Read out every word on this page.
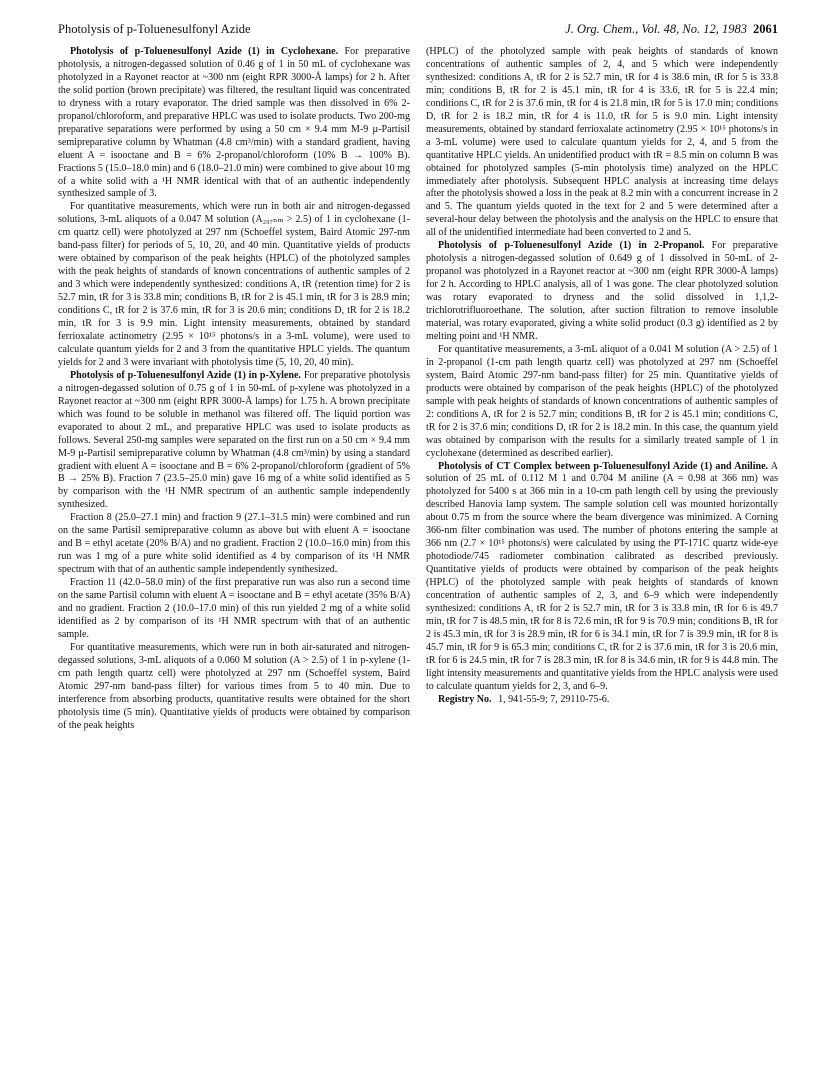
Photolysis of p-Toluenesulfonyl Azide	J. Org. Chem., Vol. 48, No. 12, 1983 2061

Photolysis of p-Toluenesulfonyl Azide (1) in Cyclohexane. For preparative photolysis, a nitrogen-degassed solution of 0.46 g of 1 in 50 mL of cyclohexane was photolyzed in a Rayonet reactor at ~300 nm (eight RPR 3000-Å lamps) for 2 h. After the solid portion (brown precipitate) was filtered, the resultant liquid was concentrated to dryness with a rotary evaporator. The dried sample was then dissolved in 6% 2-propanol/chloroform, and preparative HPLC was used to isolate products. Two 200-mg preparative separations were performed by using a 50 cm × 9.4 mm M-9 µ-Partisil semipreparative column by Whatman (4.8 cm³/min) with a standard gradient, having eluent A = isooctane and B = 6% 2-propanol/chloroform (10% B → 100% B). Fractions 5 (15.0–18.0 min) and 6 (18.0–21.0 min) were combined to give about 10 mg of a white solid with a ¹H NMR identical with that of an authentic independently synthesized sample of 3.

For quantitative measurements, which were run in both air and nitrogen-degassed solutions, 3-mL aliquots of a 0.047 M solution (A₂₉₇ₙₘ > 2.5) of 1 in cyclohexane (1-cm quartz cell) were photolyzed at 297 nm (Schoeffel system, Baird Atomic 297-nm band-pass filter) for periods of 5, 10, 20, and 40 min. Quantitative yields of products were obtained by comparison of the peak heights (HPLC) of the photolyzed samples with the peak heights of standards of known concentrations of authentic samples of 2 and 3 which were independently synthesized: conditions A, tR (retention time) for 2 is 52.7 min, tR for 3 is 33.8 min; conditions B, tR for 2 is 45.1 min, tR for 3 is 28.9 min; conditions C, tR for 2 is 37.6 min, tR for 3 is 20.6 min; conditions D, tR for 2 is 18.2 min, tR for 3 is 9.9 min. Light intensity measurements, obtained by standard ferrioxalate actinometry (2.95 × 10¹⁵ photons/s in a 3-mL volume), were used to calculate quantum yields for 2 and 3 from the quantitative HPLC yields. The quantum yields for 2 and 3 were invariant with photolysis time (5, 10, 20, 40 min).

Photolysis of p-Toluenesulfonyl Azide (1) in p-Xylene. For preparative photolysis a nitrogen-degassed solution of 0.75 g of 1 in 50-mL of p-xylene was photolyzed in a Rayonet reactor at ~300 nm (eight RPR 3000-Å lamps) for 1.75 h. A brown precipitate which was found to be soluble in methanol was filtered off. The liquid portion was evaporated to about 2 mL, and preparative HPLC was used to isolate products as follows. Several 250-mg samples were separated on the first run on a 50 cm × 9.4 mm M-9 µ-Partisil semipreparative column by Whatman (4.8 cm³/min) by using a standard gradient with eluent A = isooctane and B = 6% 2-propanol/chloroform (gradient of 5% B → 25% B). Fraction 7 (23.5–25.0 min) gave 16 mg of a white solid identified as 5 by comparison with the ¹H NMR spectrum of an authentic sample independently synthesized.

Fraction 8 (25.0–27.1 min) and fraction 9 (27.1–31.5 min) were combined and run on the same Partisil semipreparative column as above but with eluent A = isooctane and B = ethyl acetate (20% B/A) and no gradient. Fraction 2 (10.0–16.0 min) from this run was 1 mg of a pure white solid identified as 4 by comparison of its ¹H NMR spectrum with that of an authentic sample independently synthesized.

Fraction 11 (42.0–58.0 min) of the first preparative run was also run a second time on the same Partisil column with eluent A = isooctane and B = ethyl acetate (35% B/A) and no gradient. Fraction 2 (10.0–17.0 min) of this run yielded 2 mg of a white solid identified as 2 by comparison of its ¹H NMR spectrum with that of an authentic sample.

For quantitative measurements, which were run in both air-saturated and nitrogen-degassed solutions, 3-mL aliquots of a 0.060 M solution (A > 2.5) of 1 in p-xylene (1-cm path length quartz cell) were photolyzed at 297 nm (Schoeffel system, Baird Atomic 297-nm band-pass filter) for various times from 5 to 40 min. Due to interference from absorbing products, quantitative results were obtained for the short photolysis time (5 min). Quantitative yields of products were obtained by comparison of the peak heights

(HPLC) of the photolyzed sample with peak heights of standards of known concentrations of authentic samples of 2, 4, and 5 which were independently synthesized: conditions A, tR for 2 is 52.7 min, tR for 4 is 38.6 min, tR for 5 is 33.8 min; conditions B, tR for 2 is 45.1 min, tR for 4 is 33.6, tR for 5 is 22.4 min; conditions C, tR for 2 is 37.6 min, tR for 4 is 21.8 min, tR for 5 is 17.0 min; conditions D, tR for 2 is 18.2 min, tR for 4 is 11.0, tR for 5 is 9.0 min. Light intensity measurements, obtained by standard ferrioxalate actinometry (2.95 × 10¹⁵ photons/s in a 3-mL volume) were used to calculate quantum yields for 2, 4, and 5 from the quantitative HPLC yields. An unidentified product with tR = 8.5 min on column B was obtained for photolyzed samples (5-min photolysis time) analyzed on the HPLC immediately after photolysis. Subsequent HPLC analysis at increasing time delays after the photolysis showed a loss in the peak at 8.2 min with a concurrent increase in 2 and 5. The quantum yields quoted in the text for 2 and 5 were determined after a several-hour delay between the photolysis and the analysis on the HPLC to ensure that all of the unidentified intermediate had been converted to 2 and 5.

Photolysis of p-Toluenesulfonyl Azide (1) in 2-Propanol. For preparative photolysis a nitrogen-degassed solution of 0.649 g of 1 dissolved in 50-mL of 2-propanol was photolyzed in a Rayonet reactor at ~300 nm (eight RPR 3000-Å lamps) for 2 h. According to HPLC analysis, all of 1 was gone. The clear photolyzed solution was rotary evaporated to dryness and the solid dissolved in 1,1,2-trichlorotrifluoroethane. The solution, after suction filtration to remove insoluble material, was rotary evaporated, giving a white solid product (0.3 g) identified as 2 by melting point and ¹H NMR.

For quantitative measurements, a 3-mL aliquot of a 0.041 M solution (A > 2.5) of 1 in 2-propanol (1-cm path length quartz cell) was photolyzed at 297 nm (Schoeffel system, Baird Atomic 297-nm band-pass filter) for 25 min. Quantitative yields of products were obtained by comparison of the peak heights (HPLC) of the photolyzed sample with peak heights of standards of known concentrations of authentic samples of 2: conditions A, tR for 2 is 52.7 min; conditions B, tR for 2 is 45.1 min; conditions C, tR for 2 is 37.6 min; conditions D, tR for 2 is 18.2 min. In this case, the quantum yield was obtained by comparison with the results for a similarly treated sample of 1 in cyclohexane (determined as described earlier).

Photolysis of CT Complex between p-Toluenesulfonyl Azide (1) and Aniline. A solution of 25 mL of 0.112 M 1 and 0.704 M aniline (A = 0.98 at 366 nm) was photolyzed for 5400 s at 366 min in a 10-cm path length cell by using the previously described Hanovia lamp system. The sample solution cell was mounted horizontally about 0.75 m from the source where the beam divergence was minimized. A Corning 366-nm filter combination was used. The number of photons entering the sample at 366 nm (2.7 × 10¹⁵ photons/s) were calculated by using the PT-171C quartz wide-eye photodiode/745 radiometer combination calibrated as described previously. Quantitative yields of products were obtained by comparison of the peak heights (HPLC) of the photolyzed sample with peak heights of standards of known concentration of authentic samples of 2, 3, and 6–9 which were independently synthesized: conditions A, tR for 2 is 52.7 min, tR for 3 is 33.8 min, tR for 6 is 49.7 min, tR for 7 is 48.5 min, tR for 8 is 72.6 min, tR for 9 is 70.9 min; conditions B, tR for 2 is 45.3 min, tR for 3 is 28.9 min, tR for 6 is 34.1 min, tR for 7 is 39.9 min, tR for 8 is 45.7 min, tR for 9 is 65.3 min; conditions C, tR for 2 is 37.6 min, tR for 3 is 20.6 min, tR for 6 is 24.5 min, tR for 7 is 28.3 min, tR for 8 is 34.6 min, tR for 9 is 44.8 min. The light intensity measurements and quantitative yields from the HPLC analysis were used to calculate quantum yields for 2, 3, and 6–9.

Registry No. 1, 941-55-9; 7, 29110-75-6.
